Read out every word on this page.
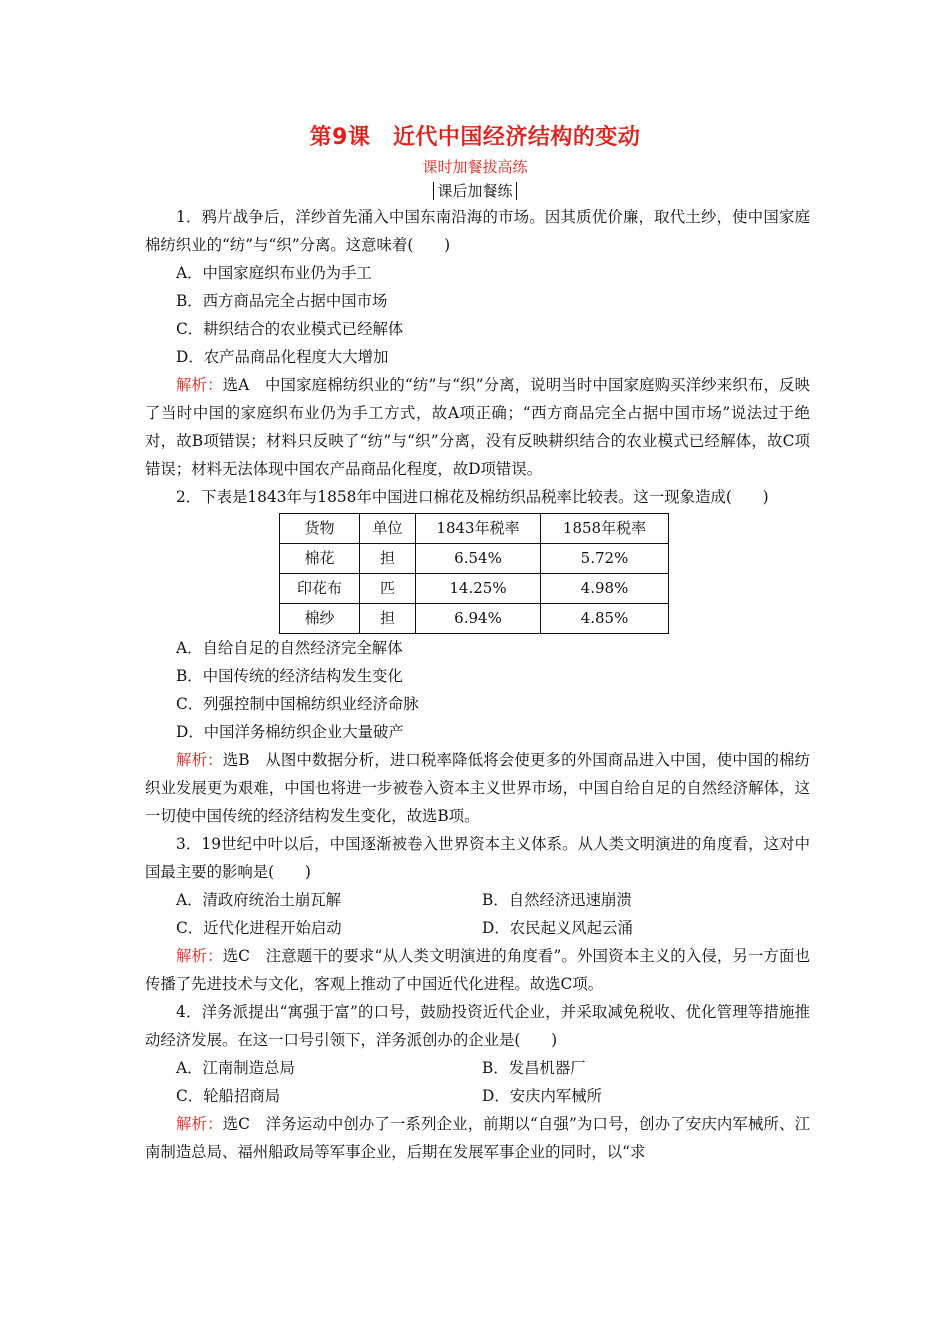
第9课　近代中国经济结构的变动
课时加餐拔高练
课后加餐练

1．鸦片战争后，洋纱首先涌入中国东南沿海的市场。因其质优价廉，取代土纱，使中国家庭棉纺织业的“纺”与“织”分离。这意味着(　　)

A．中国家庭织布业仍为手工

B．西方商品完全占据中国市场

C．耕织结合的农业模式已经解体

D．农产品商品化程度大大增加

解析：选A　中国家庭棉纺织业的“纺”与“织”分离，说明当时中国家庭购买洋纱来织布，反映了当时中国的家庭织布业仍为手工方式，故A项正确；“西方商品完全占据中国市场”说法过于绝对，故B项错误；材料只反映了“纺”与“织”分离，没有反映耕织结合的农业模式已经解体，故C项错误；材料无法体现中国农产品商品化程度，故D项错误。

2．下表是1843年与1858年中国进口棉花及棉纺织品税率比较表。这一现象造成(　　)

货物	单位	1843年税率	1858年税率
棉花	担	6.54%	5.72%
印花布	匹	14.25%	4.98%
棉纱	担	6.94%	4.85%

A．自给自足的自然经济完全解体

B．中国传统的经济结构发生变化

C．列强控制中国棉纺织业经济命脉

D．中国洋务棉纺织企业大量破产

解析：选B　从图中数据分析，进口税率降低将会使更多的外国商品进入中国，使中国的棉纺织业发展更为艰难，中国也将进一步被卷入资本主义世界市场，中国自给自足的自然经济解体，这一切使中国传统的经济结构发生变化，故选B项。

3．19世纪中叶以后，中国逐渐被卷入世界资本主义体系。从人类文明演进的角度看，这对中国最主要的影响是(　　)

A．清政府统治土崩瓦解	B．自然经济迅速崩溃
C．近代化进程开始启动	D．农民起义风起云涌

解析：选C　注意题干的要求“从人类文明演进的角度看”。外国资本主义的入侵，另一方面也传播了先进技术与文化，客观上推动了中国近代化进程。故选C项。

4．洋务派提出“寓强于富”的口号，鼓励投资近代企业，并采取减免税收、优化管理等措施推动经济发展。在这一口号引领下，洋务派创办的企业是(　　)

A．江南制造总局	B．发昌机器厂
C．轮船招商局	D．安庆内军械所

解析：选C　洋务运动中创办了一系列企业，前期以“自强”为口号，创办了安庆内军械所、江南制造总局、福州船政局等军事企业，后期在发展军事企业的同时，以“求
